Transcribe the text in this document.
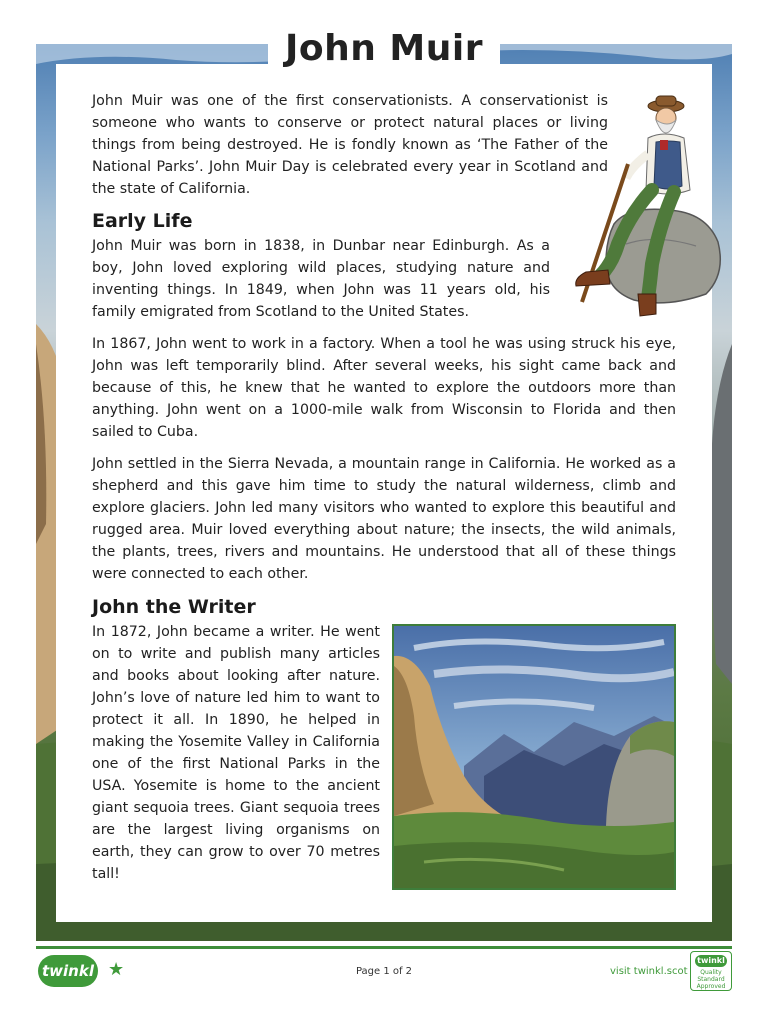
John Muir

John Muir was one of the first conservationists. A conservationist is someone who wants to conserve or protect natural places or living things from being destroyed. He is fondly known as ‘The Father of the National Parks’. John Muir Day is celebrated every year in Scotland and the state of California.

Early Life

John Muir was born in 1838, in Dunbar near Edinburgh. As a boy, John loved exploring wild places, studying nature and inventing things. In 1849, when John was 11 years old, his family emigrated from Scotland to the United States.

In 1867, John went to work in a factory. When a tool he was using struck his eye, John was left temporarily blind. After several weeks, his sight came back and because of this, he knew that he wanted to explore the outdoors more than anything. John went on a 1000-mile walk from Wisconsin to Florida and then sailed to Cuba.

John settled in the Sierra Nevada, a mountain range in California. He worked as a shepherd and this gave him time to study the natural wilderness, climb and explore glaciers. John led many visitors who wanted to explore this beautiful and rugged area. Muir loved everything about nature; the insects, the wild animals, the plants, trees, rivers and mountains. He understood that all of these things were connected to each other.

John the Writer

In 1872, John became a writer. He went on to write and publish many articles and books about looking after nature. John’s love of nature led him to want to protect it all. In 1890, he helped in making the Yosemite Valley in California one of the first National Parks in the USA. Yosemite is home to the ancient giant sequoia trees. Giant sequoia trees are the largest living organisms on earth, they can grow to over 70 metres tall!

twinkl ★	Page 1 of 2	visit twinkl.scot
twinkl
Quality Standard Approved
